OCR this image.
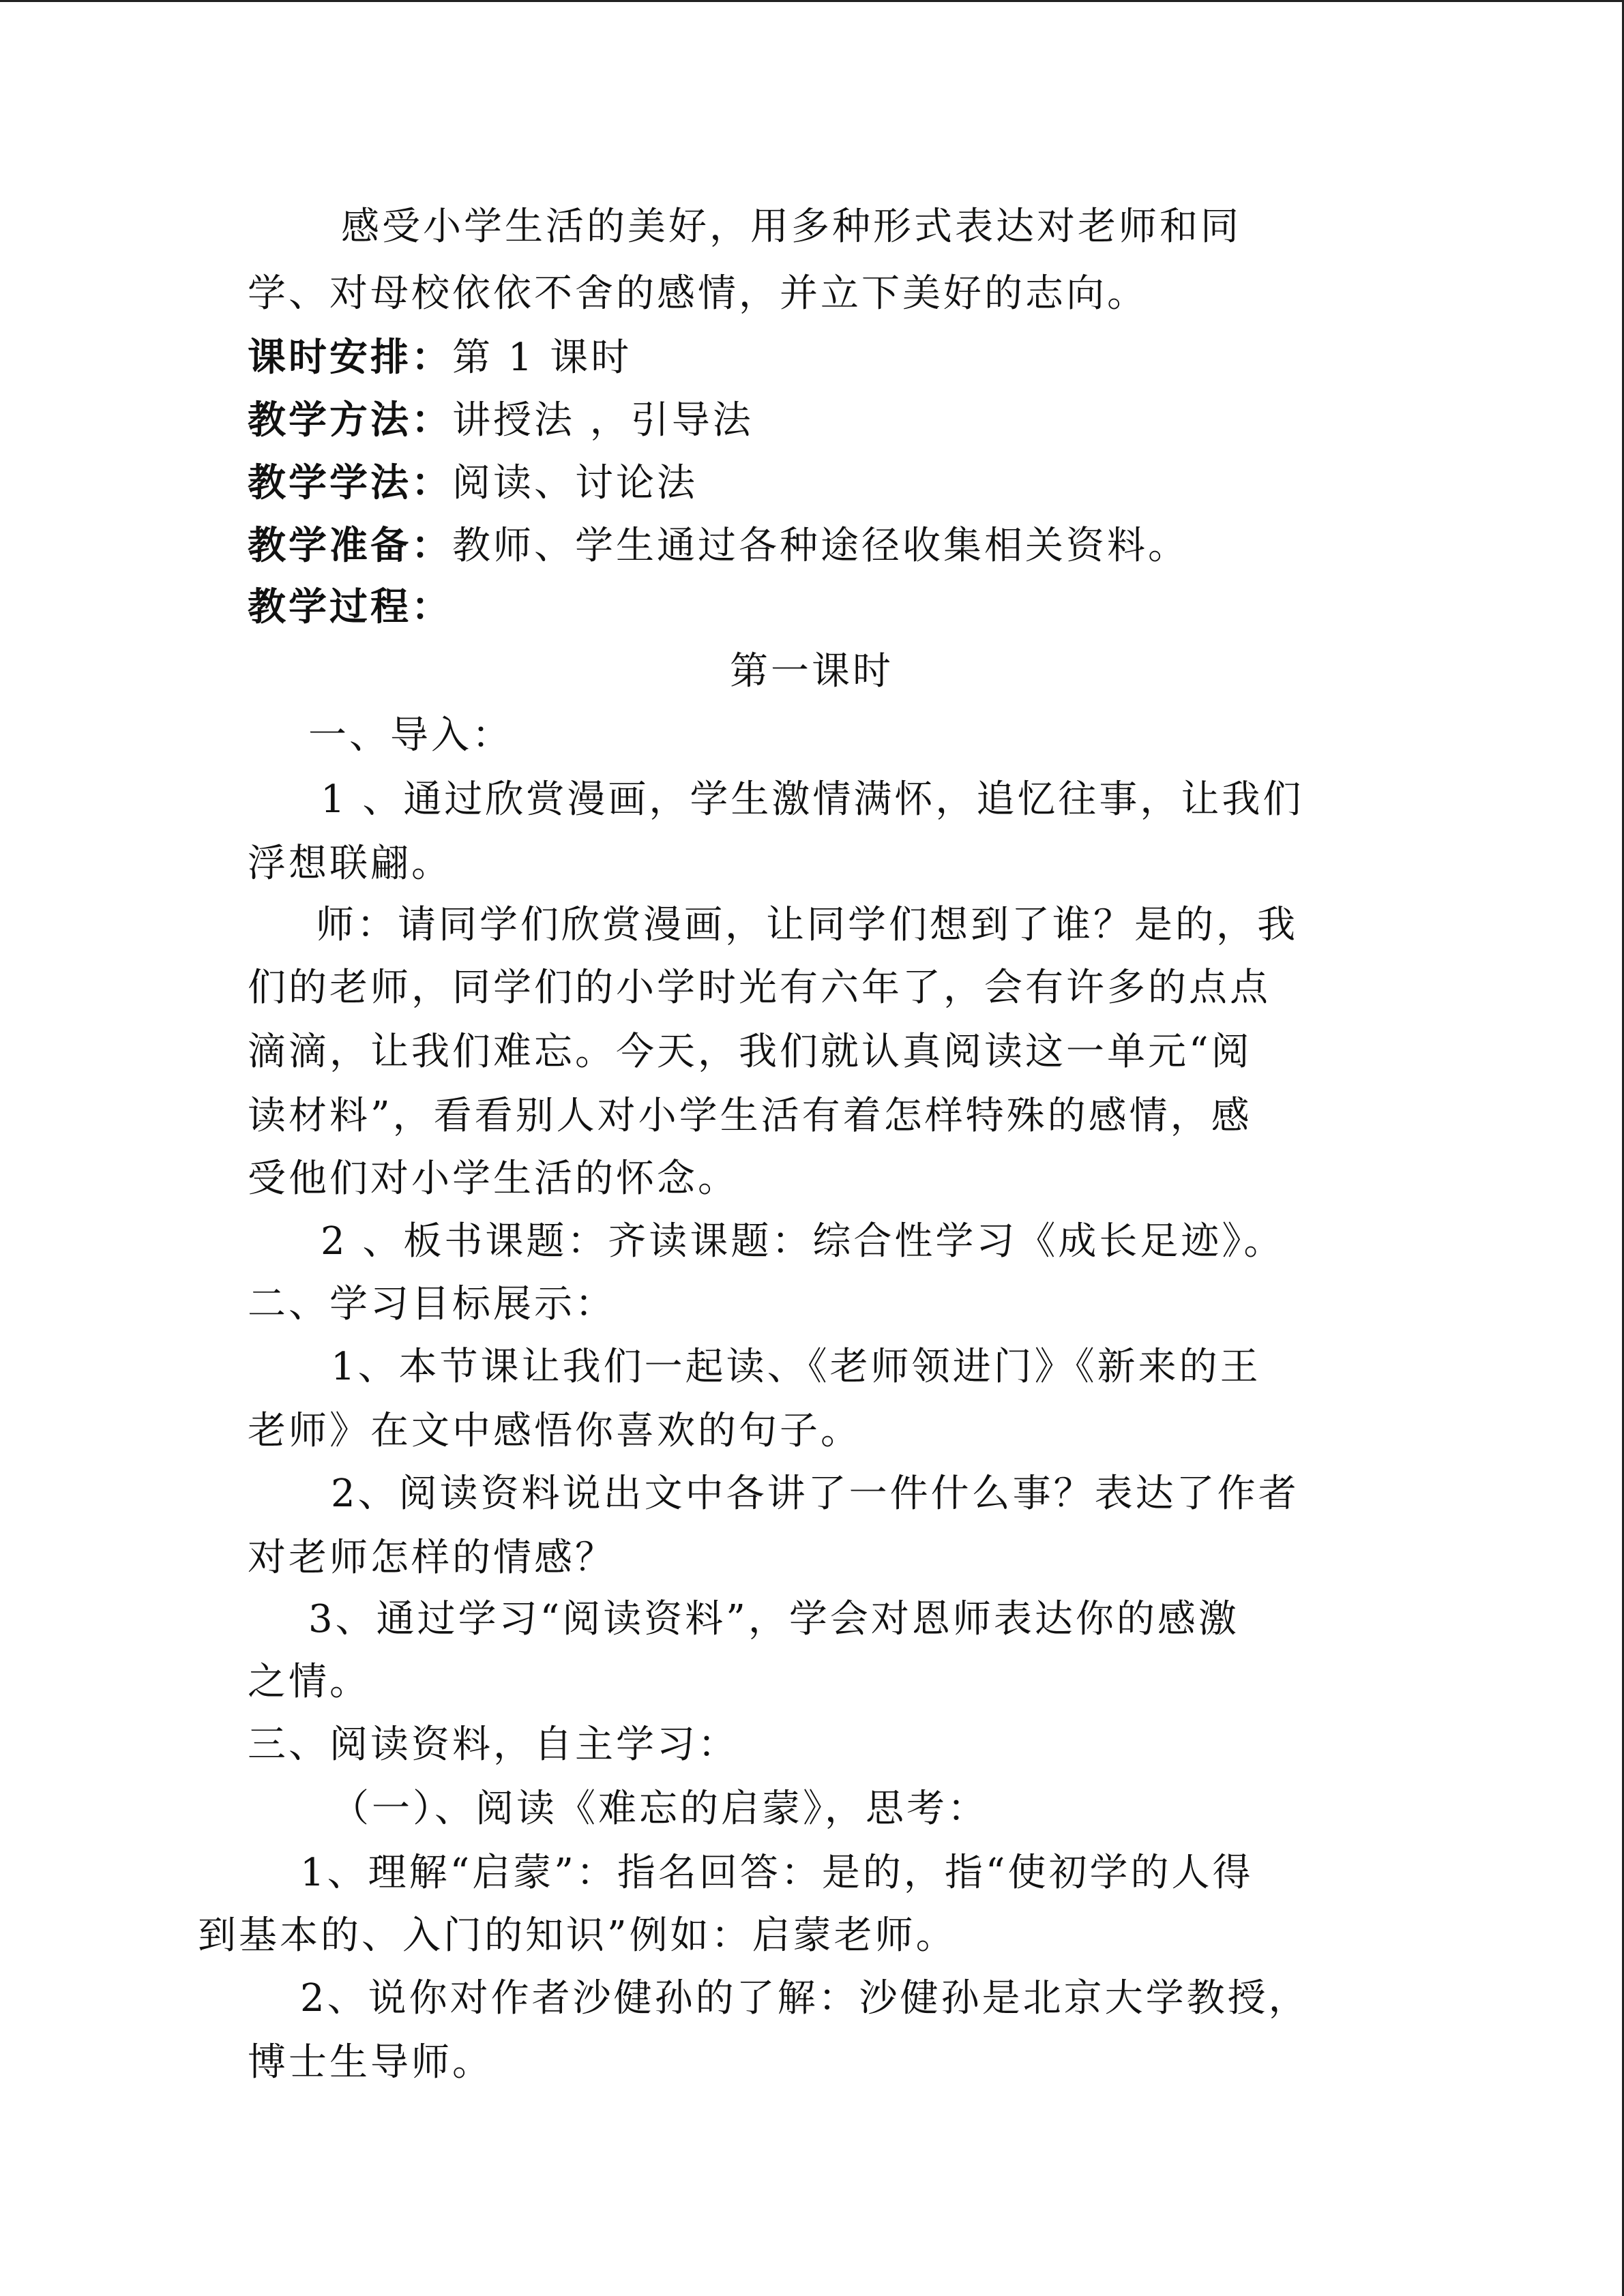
感受小学生活的美好，用多种形式表达对老师和同
学、对母校依依不舍的感情，并立下美好的志向。
课时安排：第 1 课时
教学方法：讲授法 ，引导法
教学学法：阅读、讨论法
教学准备：教师、学生通过各种途径收集相关资料。
教学过程：
第一课时
一、导入：
1 、通过欣赏漫画，学生激情满怀，追忆往事，让我们
浮想联翩。
师：请同学们欣赏漫画，让同学们想到了谁？是的，我
们的老师，同学们的小学时光有六年了，会有许多的点点
滴滴，让我们难忘。今天，我们就认真阅读这一单元“阅
读材料”，看看别人对小学生活有着怎样特殊的感情，感
受他们对小学生活的怀念。
2 、板书课题：齐读课题：综合性学习《成长足迹》。
二、学习目标展示：
1、本节课让我们一起读、《老师领进门》《新来的王
老师》在文中感悟你喜欢的句子。
2、阅读资料说出文中各讲了一件什么事？表达了作者
对老师怎样的情感？
3、通过学习“阅读资料”，学会对恩师表达你的感激
之情。
三、阅读资料，自主学习：
（一）、阅读《难忘的启蒙》，思考：
1、理解“启蒙”：指名回答：是的，指“使初学的人得
到基本的、入门的知识”例如：启蒙老师。
2、说你对作者沙健孙的了解：沙健孙是北京大学教授，
博士生导师。
